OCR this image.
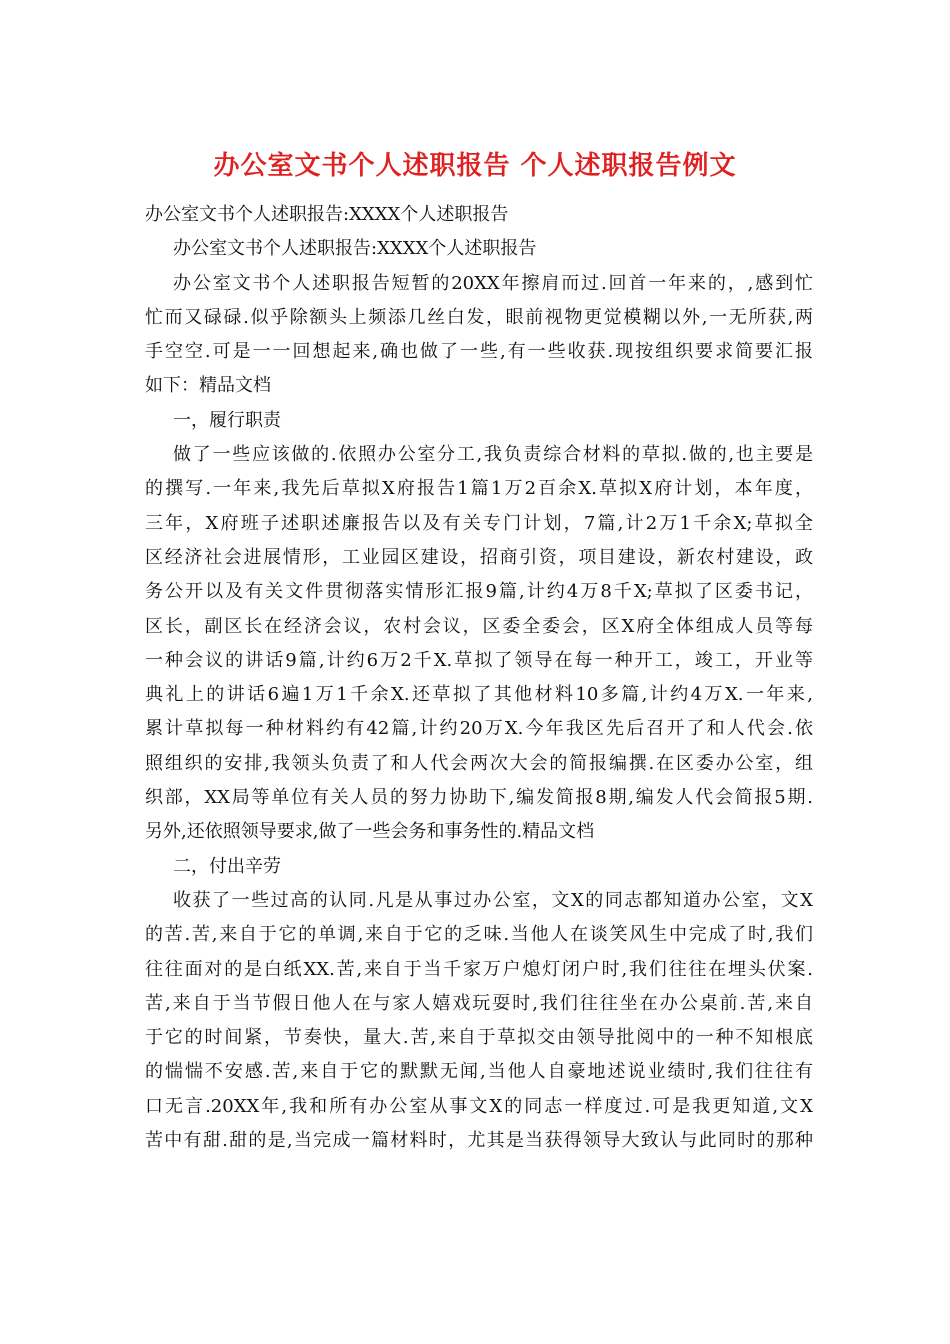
办公室文书个人述职报告 个人述职报告例文
办公室文书个人述职报告:XXXX个人述职报告
办公室文书个人述职报告:XXXX个人述职报告
办公室文书个人述职报告短暂的20XX年擦肩而过.回首一年来的，,感到忙
忙而又碌碌.似乎除额头上频添几丝白发，眼前视物更觉模糊以外,一无所获,两
手空空.可是一一回想起来,确也做了一些,有一些收获.现按组织要求简要汇报
如下：精品文档
一，履行职责
做了一些应该做的.依照办公室分工,我负责综合材料的草拟.做的,也主要是
的撰写.一年来,我先后草拟X府报告1篇1万2百余X.草拟X府计划，本年度，
三年，X府班子述职述廉报告以及有关专门计划，7篇,计2万1千余X;草拟全
区经济社会进展情形，工业园区建设，招商引资，项目建设，新农村建设，政
务公开以及有关文件贯彻落实情形汇报9篇,计约4万8千X;草拟了区委书记，
区长，副区长在经济会议，农村会议，区委全委会，区X府全体组成人员等每
一种会议的讲话9篇,计约6万2千X.草拟了领导在每一种开工，竣工，开业等
典礼上的讲话6遍1万1千余X.还草拟了其他材料10多篇,计约4万X.一年来,
累计草拟每一种材料约有42篇,计约20万X.今年我区先后召开了和人代会.依
照组织的安排,我领头负责了和人代会两次大会的简报编撰.在区委办公室，组
织部，XX局等单位有关人员的努力协助下,编发简报8期,编发人代会简报5期.
另外,还依照领导要求,做了一些会务和事务性的.精品文档
二，付出辛劳
收获了一些过高的认同.凡是从事过办公室，文X的同志都知道办公室，文X
的苦.苦,来自于它的单调,来自于它的乏味.当他人在谈笑风生中完成了时,我们
往往面对的是白纸XX.苦,来自于当千家万户熄灯闭户时,我们往往在埋头伏案.
苦,来自于当节假日他人在与家人嬉戏玩耍时,我们往往坐在办公桌前.苦,来自
于它的时间紧，节奏快，量大.苦,来自于草拟交由领导批阅中的一种不知根底
的惴惴不安感.苦,来自于它的默默无闻,当他人自豪地述说业绩时,我们往往有
口无言.20XX年,我和所有办公室从事文X的同志一样度过.可是我更知道,文X
苦中有甜.甜的是,当完成一篇材料时，尤其是当获得领导大致认与此同时的那种
